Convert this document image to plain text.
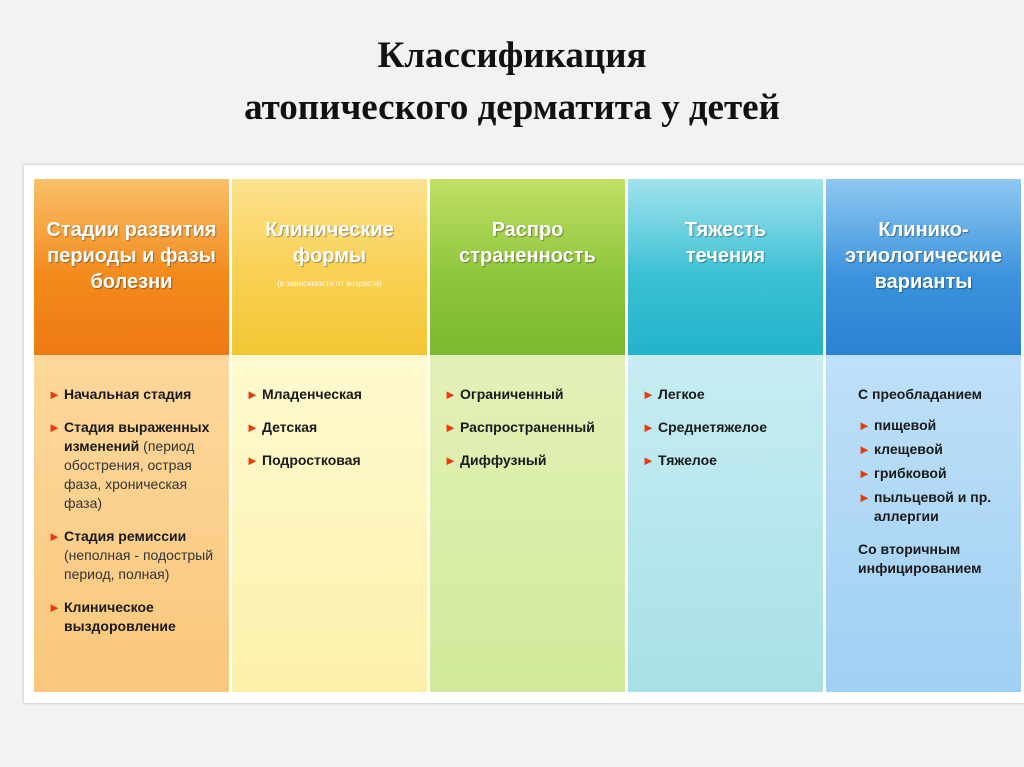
Классификация
атопического дерматита у детей
Стадии развития
периоды и фазы
болезни
► Начальная стадия
► Стадия выраженных изменений (период обострения, острая фаза, хроническая фаза)
► Стадия ремиссии (неполная - подострый период, полная)
► Клиническое выздоровление
Клинические
формы
(в зависимости от возраста)
► Младенческая
► Детская
► Подростковая
Распро
страненность
► Ограниченный
► Распространенный
► Диффузный
Тяжесть
течения
► Легкое
► Среднетяжелое
► Тяжелое
Клинико-
этиологические
варианты
С преобладанием
► пищевой
► клещевой
► грибковой
► пыльцевой и пр. аллергии
Со вторичным инфицированием
